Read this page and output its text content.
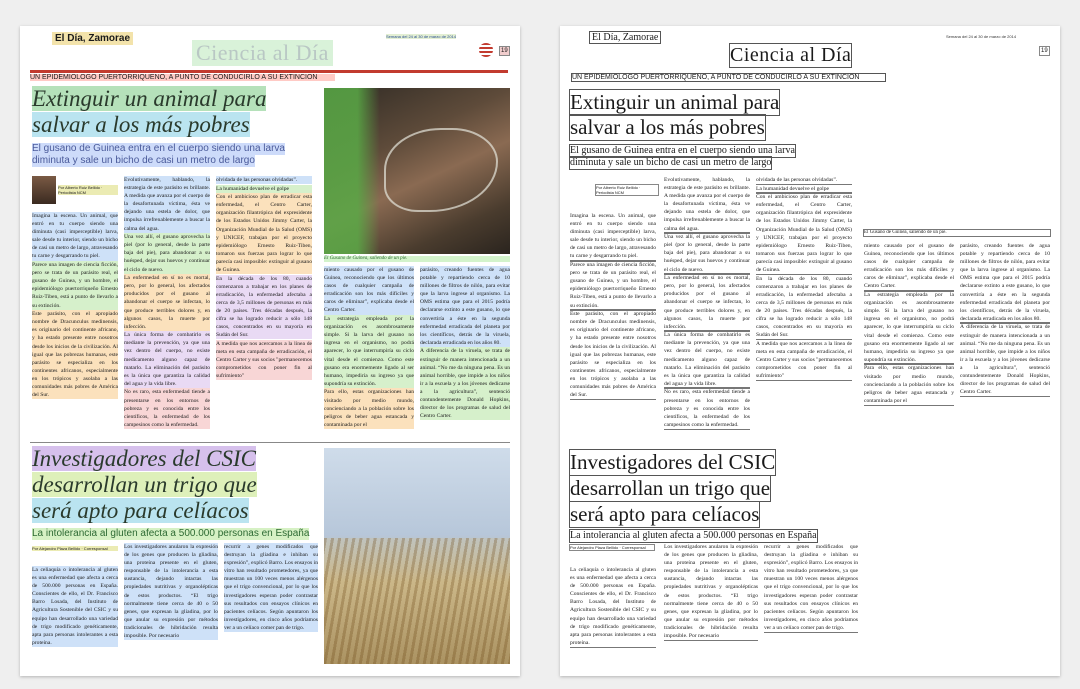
El Día, Zamorae	Semana del 24 al 30 de marzo de 2014
19
Ciencia al Día
UN EPIDEMIÓLOGO PUERTORRIQUEÑO, A PUNTO DE CONDUCIRLO A SU EXTINCIÓN
Extinguir un animal para
salvar a los más pobres
El gusano de Guinea entra en el cuerpo siendo una larva
diminuta y sale un bicho de casi un metro de largo
Por Alberto Ruiz Bellido · Periodista NCM

Imagina la escena. Un animal, que entró en tu cuerpo siendo una diminuta (casi imperceptible) larva, sale desde tu interior, siendo un bicho de casi un metro de largo, atravesando tu carne y desgarrando tu piel.

Parece una imagen de ciencia ficción, pero se trata de un parásito real, el gusano de Guinea, y un hombre, el epidemiólogo puertorriqueño Ernesto Ruiz-Tiben, está a punto de llevarlo a su extinción.

Este parásito, con el apropiado nombre de Dracunculus medinensis, es originario del continente africano, y ha estado presente entre nosotros desde los inicios de la civilización. Al igual que las pobrezas humanas, este parásito se especializa en los continentes africanos, especialmente en los trópicos y asolaba a las comunidades más pobres de América del Sur.

Evolutivamente, hablando, la estrategia de este parásito es brillante. A medida que avanza por el cuerpo de la desafortunada víctima, ésta ve dejando una estela de dolor, que impulsa irrefrenablemente a buscar la calma del agua.

Una vez allí, el gusano aprovecha la piel (por lo general, desde la parte baja del pie), para abandonar a su huésped, dejar sus huevos y continuar el ciclo de nuevo.

La enfermedad en sí no es mortal, pero, por lo general, los afectados producidos por el gusano al abandonar el cuerpo se infectan, lo que produce terribles dolores y, en algunos casos, la muerte por infección.

La única forma de combatirlo es mediante la prevención, ya que una vez dentro del cuerpo, no existe medicamento alguno capaz de matarlo. La eliminación del parásito es la única que garantiza la calidad del agua y la vida libre.

No es raro, esta enfermedad tiende a presentarse en los entornos de pobreza y es conocida entre los científicos, la enfermedad de los campesinos como la enfermedad.

olvidada de las personas olvidadas”.

La humanidad devuelve el golpe

Con el ambicioso plan de erradicar esta enfermedad, el Centro Carter, organización filantrópica del expresidente de los Estados Unidos Jimmy Carter, la Organización Mundial de la Salud (OMS) y UNICEF, trabajan por el proyecto epidemiólogo Ernesto Ruiz-Tiben, tomaron sus fuerzas para lograr lo que parecía casi imposible: extinguir al gusano de Guinea.

En la década de los 80, cuando comenzaron a trabajar en los planes de erradicación, la enfermedad afectaba a cerca de 3,5 millones de personas en más de 20 países. Tres décadas después, la cifra se ha logrado reducir a sólo 148 casos, concentrados en su mayoría en Sudán del Sur.

A medida que nos acercamos a la línea de meta en esta campaña de erradicación, el Centro Carter y sus socios "permanecemos comprometidos con poner fin al sufrimiento"

El Gusano de Guinea, saliendo de un pie.

miento causado por el gusano de Guinea, reconociendo que los últimos casos de cualquier campaña de erradicación son los más difíciles y caros de eliminar”, explicaba desde el Centro Carter.

La estrategia empleada por la organización es asombrosamente simple. Si la larva del gusano no ingresa en el organismo, no podrá aparecer, lo que interrumpiría su ciclo vital desde el comienzo. Como este gusano era enormemente ligado al ser humano, impediría su ingreso ya que supondría su extinción.

Para ello, estas organizaciones han visitado por medio mundo, concienciando a la población sobre los peligros de beber agua estancada y contaminada por el

parásito, creando fuentes de agua potable y repartiendo cerca de 10 millones de filtros de nilón, para evitar que la larva ingrese al organismo. La OMS estima que para el 2015 podría declararse extinto a este gusano, lo que convertiría a éste en la segunda enfermedad erradicada del planeta por los científicos, detrás de la viruela, declarada erradicada en los años 80.

A diferencia de la viruela, se trata de extinguir de manera intencionada a un animal. “No me da ninguna pena. Es un animal horrible, que impide a los niños ir a la escuela y a los jóvenes dedicarse a la agricultura”, sentenció contundentemente Donald Hopkins, director de los programas de salud del Centro Carter.

Investigadores del CSIC
desarrollan un trigo que
será apto para celíacos
La intolerancia al gluten afecta a 500.000 personas en España
Por Alejandro Plaza Bellido · Corresponsal

La celiaquía o intolerancia al gluten es una enfermedad que afecta a cerca de 500.000 personas en España. Conscientes de ello, el Dr. Francisco Barro Losada, del Instituto de Agricultura Sostenible del CSIC y su equipo han desarrollado una variedad de trigo modificado genéticamente, apta para personas intolerantes a esta proteína.

Los investigadores anularon la expresión de los genes que producen la gliadina, una proteína presente en el gluten, responsable de la intolerancia a esta sustancia, dejando intactas las propiedades nutritivas y organolépticas de estos productos. “El trigo normalmente tiene cerca de 40 o 50 genes, que expresan la gliadina, por lo que anular su expresión por métodos tradicionales de hibridación resulta imposible. Por necesario

recurrir a genes modificados que destruyan la gliadina e inhiban su expresión”, explicó Barro. Los ensayos in vitro han resultado prometedores, ya que muestran un 100 veces menos alérgenos que el trigo convencional, por lo que los investigadores esperan poder contrastar sus resultados con ensayos clínicos en pacientes celíacos. Según apuntaron los investigadores, en cinco años podríamos ver a un celíaco comer pan de trigo.

El Día, Zamorae	Semana del 24 al 30 de marzo de 2014
19
Ciencia al Día
UN EPIDEMIÓLOGO PUERTORRIQUEÑO, A PUNTO DE CONDUCIRLO A SU EXTINCIÓN
Extinguir un animal para
salvar a los más pobres
El gusano de Guinea entra en el cuerpo siendo una larva
diminuta y sale un bicho de casi un metro de largo
Por Alberto Ruiz Bellido · Periodista NCM

Imagina la escena. Un animal, que entró en tu cuerpo siendo una diminuta (casi imperceptible) larva, sale desde tu interior, siendo un bicho de casi un metro de largo, atravesando tu carne y desgarrando tu piel.

Parece una imagen de ciencia ficción, pero se trata de un parásito real, el gusano de Guinea, y un hombre, el epidemiólogo puertorriqueño Ernesto Ruiz-Tiben, está a punto de llevarlo a su extinción.

Este parásito, con el apropiado nombre de Dracunculus medinensis, es originario del continente africano, y ha estado presente entre nosotros desde los inicios de la civilización. Al igual que las pobrezas humanas, este parásito se especializa en los continentes africanos, especialmente en los trópicos y asolaba a las comunidades más pobres de América del Sur.

Evolutivamente, hablando, la estrategia de este parásito es brillante. A medida que avanza por el cuerpo de la desafortunada víctima, ésta ve dejando una estela de dolor, que impulsa irrefrenablemente a buscar la calma del agua.

Una vez allí, el gusano aprovecha la piel (por lo general, desde la parte baja del pie), para abandonar a su huésped, dejar sus huevos y continuar el ciclo de nuevo.

La enfermedad en sí no es mortal, pero, por lo general, los afectados producidos por el gusano al abandonar el cuerpo se infectan, lo que produce terribles dolores y, en algunos casos, la muerte por infección.

La única forma de combatirlo es mediante la prevención, ya que una vez dentro del cuerpo, no existe medicamento alguno capaz de matarlo. La eliminación del parásito es la única que garantiza la calidad del agua y la vida libre.

No es raro, esta enfermedad tiende a presentarse en los entornos de pobreza y es conocida entre los científicos, la enfermedad de los campesinos como la enfermedad.

olvidada de las personas olvidadas”.

La humanidad devuelve el golpe

Con el ambicioso plan de erradicar esta enfermedad, el Centro Carter, organización filantrópica del expresidente de los Estados Unidos Jimmy Carter, la Organización Mundial de la Salud (OMS) y UNICEF, trabajan por el proyecto epidemiólogo Ernesto Ruiz-Tiben, tomaron sus fuerzas para lograr lo que parecía casi imposible: extinguir al gusano de Guinea.

En la década de los 80, cuando comenzaron a trabajar en los planes de erradicación, la enfermedad afectaba a cerca de 3,5 millones de personas en más de 20 países. Tres décadas después, la cifra se ha logrado reducir a sólo 148 casos, concentrados en su mayoría en Sudán del Sur.

A medida que nos acercamos a la línea de meta en esta campaña de erradicación, el Centro Carter y sus socios "permanecemos comprometidos con poner fin al sufrimiento"

El Gusano de Guinea, saliendo de un pie.

miento causado por el gusano de Guinea, reconociendo que los últimos casos de cualquier campaña de erradicación son los más difíciles y caros de eliminar”, explicaba desde el Centro Carter.

La estrategia empleada por la organización es asombrosamente simple. Si la larva del gusano no ingresa en el organismo, no podrá aparecer, lo que interrumpiría su ciclo vital desde el comienzo. Como este gusano era enormemente ligado al ser humano, impediría su ingreso ya que supondría su extinción.

Para ello, estas organizaciones han visitado por medio mundo, concienciando a la población sobre los peligros de beber agua estancada y contaminada por el

parásito, creando fuentes de agua potable y repartiendo cerca de 10 millones de filtros de nilón, para evitar que la larva ingrese al organismo. La OMS estima que para el 2015 podría declararse extinto a este gusano, lo que convertiría a éste en la segunda enfermedad erradicada del planeta por los científicos, detrás de la viruela, declarada erradicada en los años 80.

A diferencia de la viruela, se trata de extinguir de manera intencionada a un animal. “No me da ninguna pena. Es un animal horrible, que impide a los niños ir a la escuela y a los jóvenes dedicarse a la agricultura”, sentenció contundentemente Donald Hopkins, director de los programas de salud del Centro Carter.

Investigadores del CSIC
desarrollan un trigo que
será apto para celíacos
La intolerancia al gluten afecta a 500.000 personas en España
Por Alejandro Plaza Bellido · Corresponsal

La celiaquía o intolerancia al gluten es una enfermedad que afecta a cerca de 500.000 personas en España. Conscientes de ello, el Dr. Francisco Barro Losada, del Instituto de Agricultura Sostenible del CSIC y su equipo han desarrollado una variedad de trigo modificado genéticamente, apta para personas intolerantes a esta proteína.

Los investigadores anularon la expresión de los genes que producen la gliadina, una proteína presente en el gluten, responsable de la intolerancia a esta sustancia, dejando intactas las propiedades nutritivas y organolépticas de estos productos. “El trigo normalmente tiene cerca de 40 o 50 genes, que expresan la gliadina, por lo que anular su expresión por métodos tradicionales de hibridación resulta imposible. Por necesario

recurrir a genes modificados que destruyan la gliadina e inhiban su expresión”, explicó Barro. Los ensayos in vitro han resultado prometedores, ya que muestran un 100 veces menos alérgenos que el trigo convencional, por lo que los investigadores esperan poder contrastar sus resultados con ensayos clínicos en pacientes celíacos. Según apuntaron los investigadores, en cinco años podríamos ver a un celíaco comer pan de trigo.
